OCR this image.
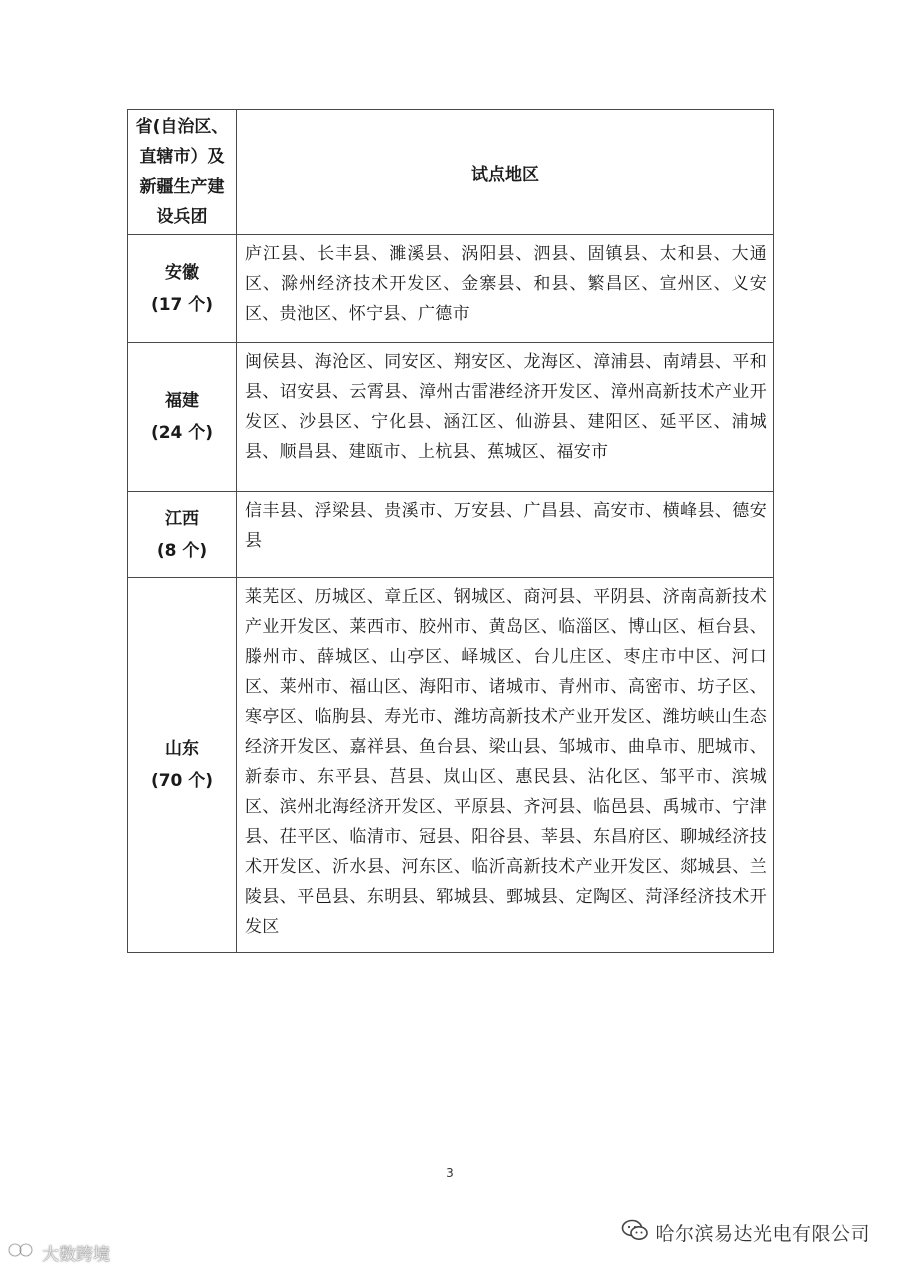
省(自治区、
直辖市）及
新疆生产建
设兵团	试点地区

安徽
(17 个)	庐江县、长丰县、濉溪县、涡阳县、泗县、固镇县、太和县、大通区、滁州经济技术开发区、金寨县、和县、繁昌区、宣州区、义安区、贵池区、怀宁县、广德市

福建
(24 个)	闽侯县、海沧区、同安区、翔安区、龙海区、漳浦县、南靖县、平和县、诏安县、云霄县、漳州古雷港经济开发区、漳州高新技术产业开发区、沙县区、宁化县、涵江区、仙游县、建阳区、延平区、浦城县、顺昌县、建瓯市、上杭县、蕉城区、福安市

江西
(8 个)	信丰县、浮梁县、贵溪市、万安县、广昌县、高安市、横峰县、德安县

山东
(70 个)	莱芜区、历城区、章丘区、钢城区、商河县、平阴县、济南高新技术产业开发区、莱西市、胶州市、黄岛区、临淄区、博山区、桓台县、滕州市、薛城区、山亭区、峄城区、台儿庄区、枣庄市中区、河口区、莱州市、福山区、海阳市、诸城市、青州市、高密市、坊子区、寒亭区、临朐县、寿光市、潍坊高新技术产业开发区、潍坊峡山生态经济开发区、嘉祥县、鱼台县、梁山县、邹城市、曲阜市、肥城市、新泰市、东平县、莒县、岚山区、惠民县、沾化区、邹平市、滨城区、滨州北海经济开发区、平原县、齐河县、临邑县、禹城市、宁津县、茌平区、临清市、冠县、阳谷县、莘县、东昌府区、聊城经济技术开发区、沂水县、河东区、临沂高新技术产业开发区、郯城县、兰陵县、平邑县、东明县、郓城县、鄄城县、定陶区、菏泽经济技术开发区
3
哈尔滨易达光电有限公司
大数跨境
